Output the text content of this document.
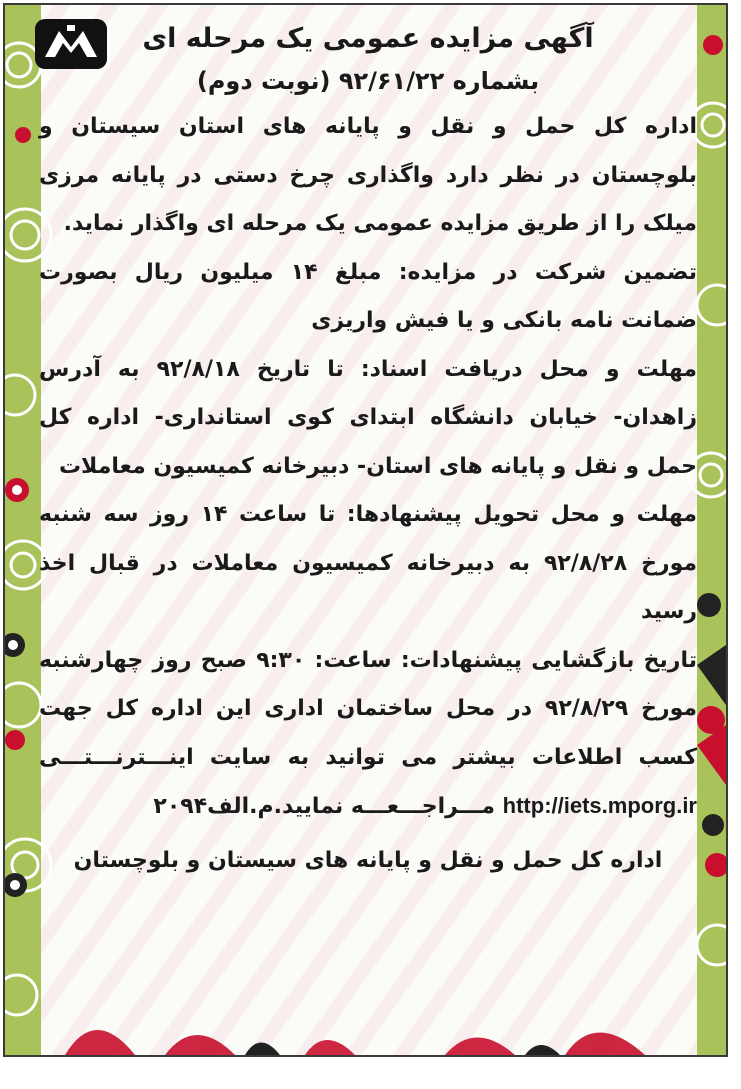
آگهی مزایده عمومی یک مرحله ای
بشماره ۹۲/۶۱/۲۲ (نوبت دوم)

اداره کل حمل و نقل و پایانه های استان سیستان و بلوچستان در نظر دارد واگذاری چرخ دستی در پایانه مرزی میلک را از طریق مزایده عمومی یک مرحله ای واگذار نماید.

تضمین شرکت در مزایده: مبلغ ۱۴ میلیون ریال بصورت ضمانت نامه بانکی و یا فیش واریزی

مهلت و محل دریافت اسناد: تا تاریخ ۹۲/۸/۱۸ به آدرس زاهدان- خیابان دانشگاه ابتدای کوی استانداری- اداره کل حمل و نقل و پایانه های استان- دبیرخانه کمیسیون معاملات

مهلت و محل تحویل پیشنهادها: تا ساعت ۱۴ روز سه شنبه مورخ ۹۲/۸/۲۸ به دبیرخانه کمیسیون معاملات در قبال اخذ رسید

تاریخ بازگشایی پیشنهادات: ساعت: ۹:۳۰ صبح روز چهارشنبه مورخ ۹۲/۸/۲۹ در محل ساختمان اداری این اداره کل جهت کسب اطلاعات بیشتر می توانید به سایت اینـــترنـــتـــی http://iets.mporg.ir مـــراجـــعـــه نمایید.م.الف۲۰۹۴

اداره کل حمل و نقل و پایانه های سیستان و بلوچستان
